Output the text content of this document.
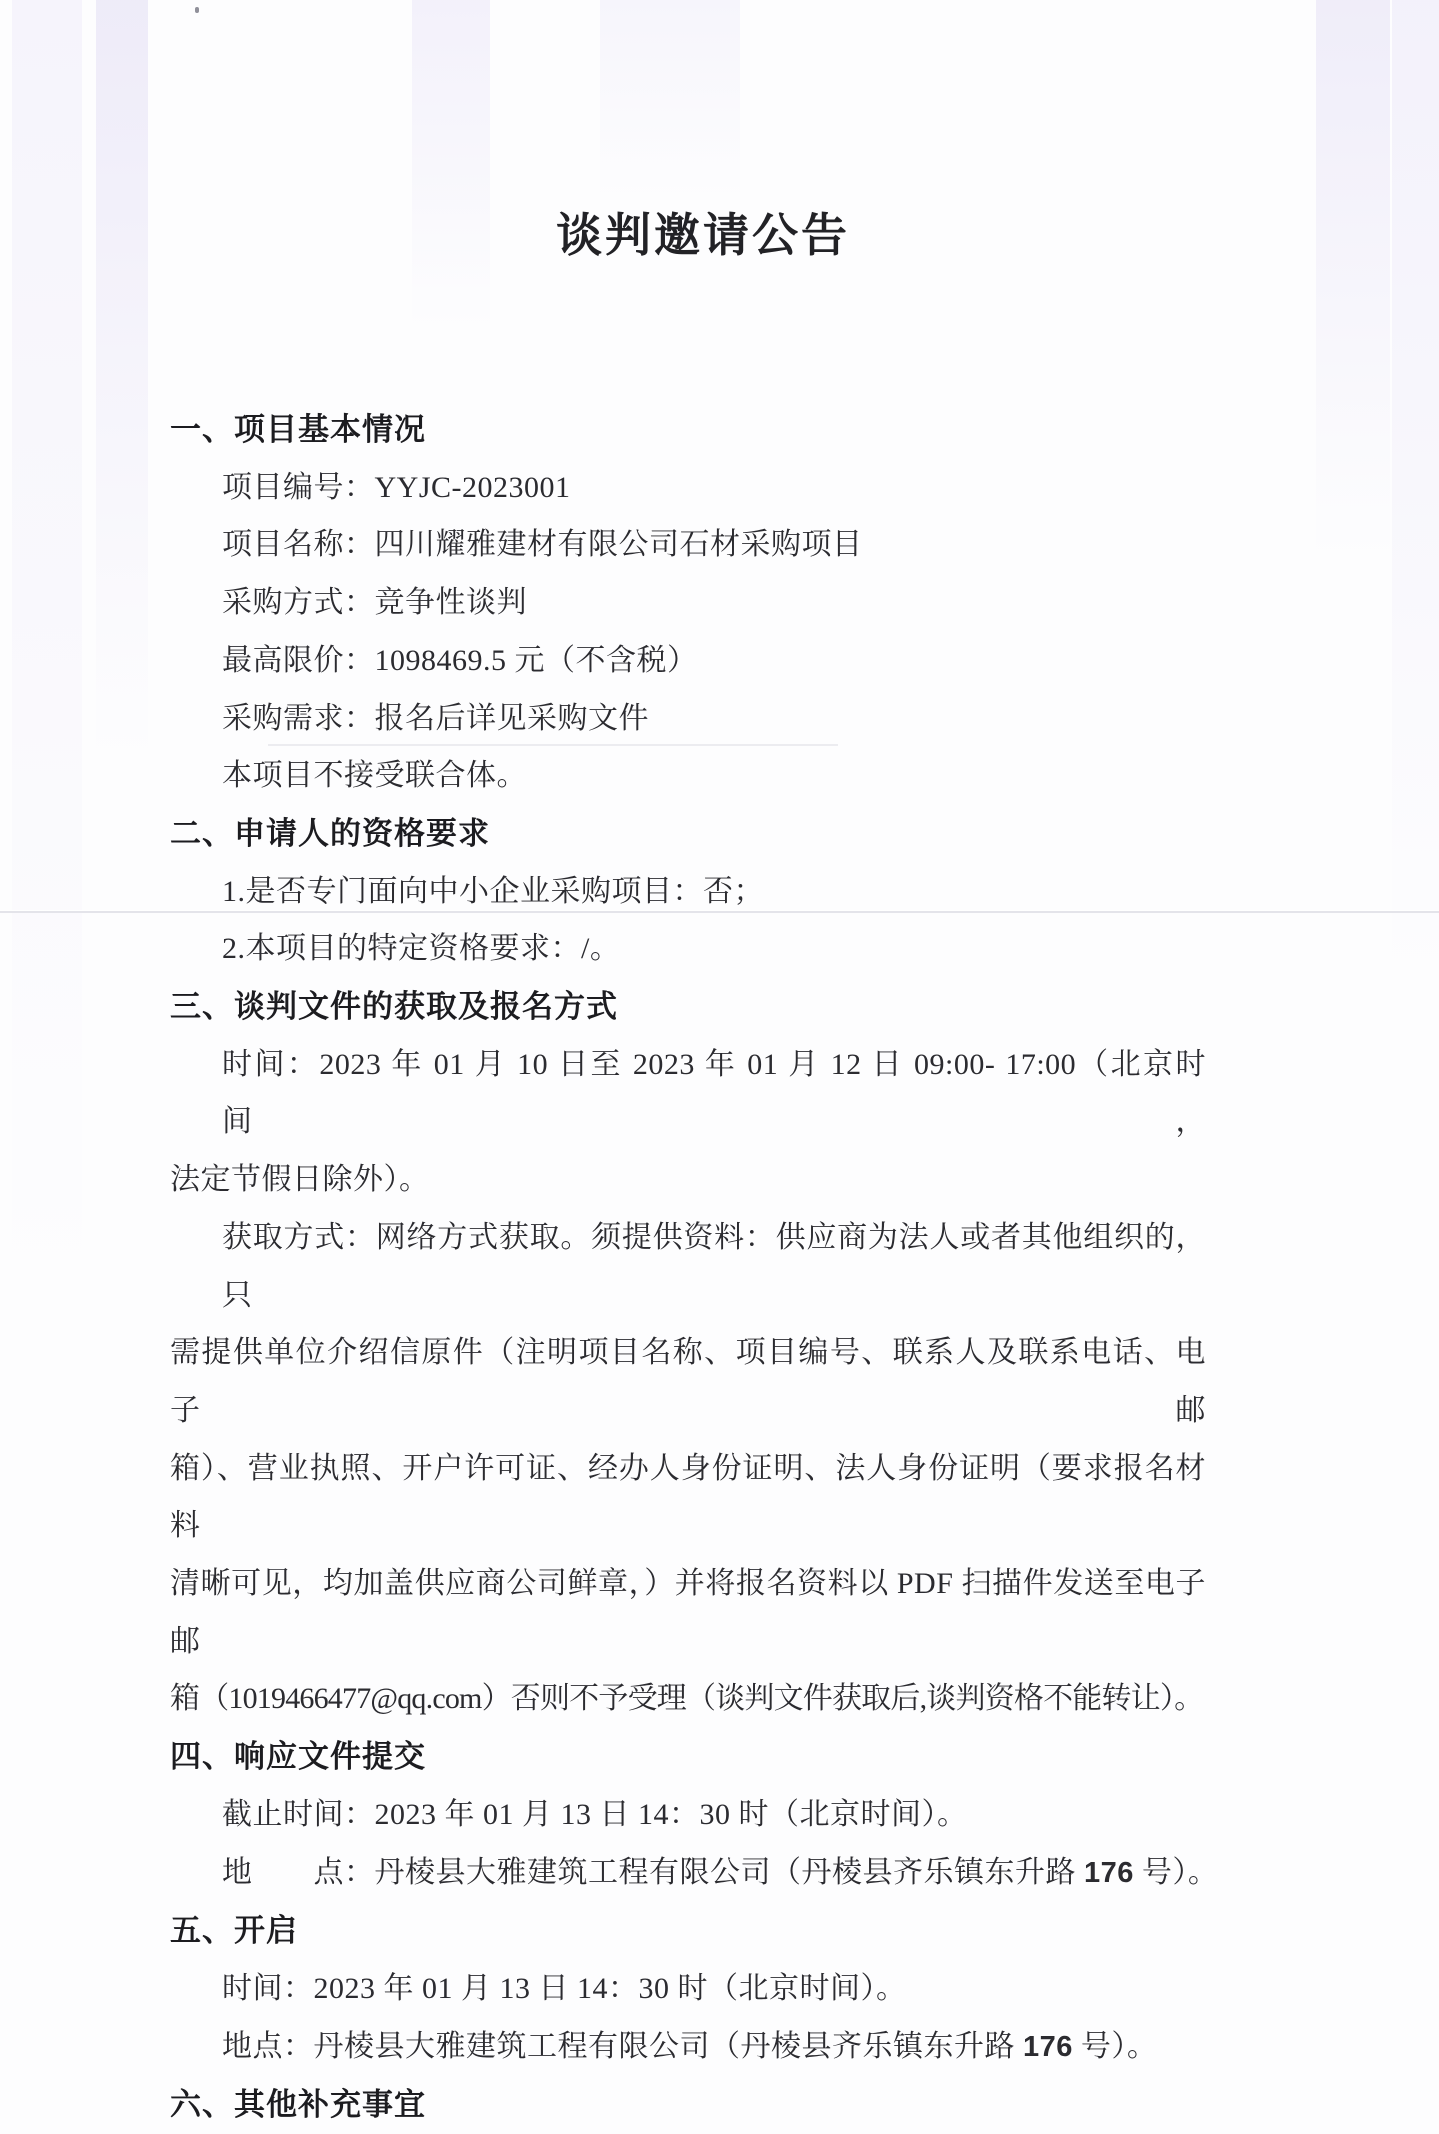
谈判邀请公告
一、项目基本情况
项目编号：YYJC-2023001
项目名称：四川耀雅建材有限公司石材采购项目
采购方式：竞争性谈判
最高限价：1098469.5 元（不含税）
采购需求：报名后详见采购文件
本项目不接受联合体。
二、申请人的资格要求
1.是否专门面向中小企业采购项目：否；
2.本项目的特定资格要求：/。
三、谈判文件的获取及报名方式
时间：2023 年 01 月 10 日至 2023 年 01 月 12 日 09:00- 17:00（北京时间，
法定节假日除外）。
获取方式：网络方式获取。须提供资料：供应商为法人或者其他组织的，只
需提供单位介绍信原件（注明项目名称、项目编号、联系人及联系电话、电子邮
箱）、营业执照、开户许可证、经办人身份证明、法人身份证明（要求报名材料
清晰可见，均加盖供应商公司鲜章，）并将报名资料以 PDF 扫描件发送至电子邮
箱（1019466477@qq.com）否则不予受理（谈判文件获取后,谈判资格不能转让）。
四、响应文件提交
截止时间：2023 年 01 月 13 日 14：30 时（北京时间）。
地　　点：丹棱县大雅建筑工程有限公司（丹棱县齐乐镇东升路 176 号）。
五、开启
时间：2023 年 01 月 13 日 14：30 时（北京时间）。
地点：丹棱县大雅建筑工程有限公司（丹棱县齐乐镇东升路 176 号）。
六、其他补充事宜
